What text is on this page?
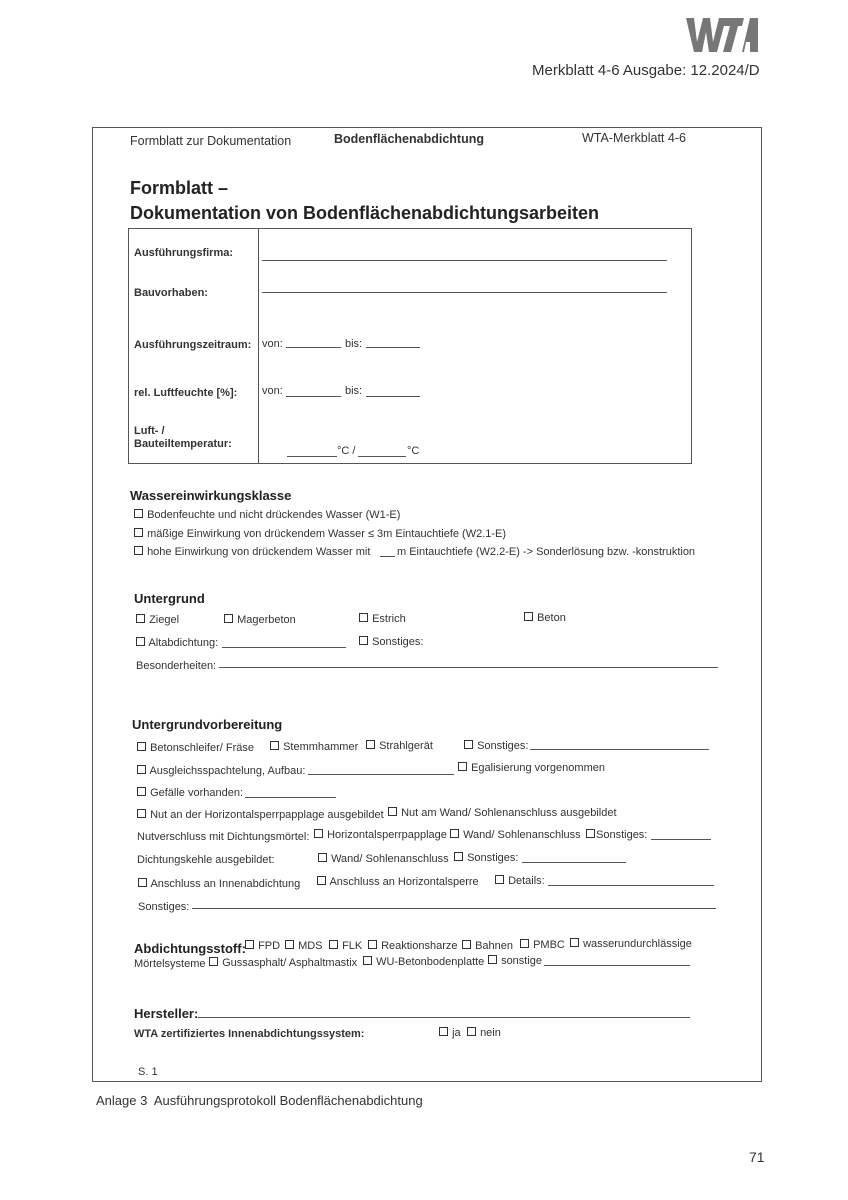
Merkblatt 4-6 Ausgabe: 12.2024/D
Formblatt zur Dokumentation	Bodenflächenabdichtung	WTA-Merkblatt 4-6
Formblatt –
Dokumentation von Bodenflächenabdichtungsarbeiten
Ausführungsfirma:
Bauvorhaben:
Ausführungszeitraum: von:	bis:
rel. Luftfeuchte [%]: von:	bis:
Luft- /
Bauteiltemperatur:
°C /	°C
Wassereinwirkungsklasse
Bodenfeuchte und nicht drückendes Wasser (W1-E)
mäßige Einwirkung von drückendem Wasser ≤ 3m Eintauchtiefe (W2.1-E)
hohe Einwirkung von drückendem Wasser mit m Eintauchtiefe (W2.2-E) -> Sonderlösung bzw. -konstruktion
Untergrund
Ziegel	Magerbeton	Estrich	Beton
Altabdichtung:	Sonstiges:
Besonderheiten:
Untergrundvorbereitung
Betonschleifer/ Fräse	Stemmhammer	Strahlgerät	Sonstiges:
Ausgleichsspachtelung, Aufbau:	Egalisierung vorgenommen
Gefälle vorhanden:
Nut an der Horizontalsperrpapplage ausgebildet	Nut am Wand/ Sohlenanschluss ausgebildet
Nutverschluss mit Dichtungsmörtel:	Horizontalsperrpapplage	Wand/ Sohlenanschluss	Sonstiges:
Dichtungskehle ausgebildet:	Wand/ Sohlenanschluss	Sonstiges:
Anschluss an Innenabdichtung	Anschluss an Horizontalsperre	Details:
Sonstiges:
Abdichtungsstoff:	FPD	MDS	FLK	Reaktionsharze	Bahnen	PMBC	wasserundurchlässige
Mörtelsysteme	Gussasphalt/ Asphaltmastix	WU-Betonbodenplatte	sonstige
Hersteller:
WTA zertifiziertes Innenabdichtungssystem:	ja	nein
S. 1
Anlage 3 Ausführungsprotokoll Bodenflächenabdichtung
71
